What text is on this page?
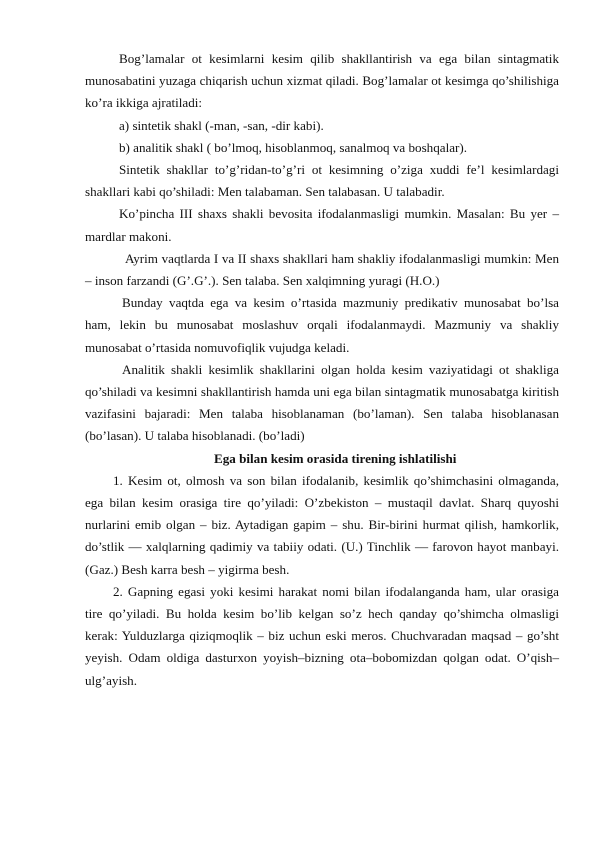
Bog’lamalar ot kesimlarni kesim qilib shakllantirish va ega bilan sintagmatik munosabatini yuzaga chiqarish uchun xizmat qiladi. Bog’lamalar ot kesimga qo’shilishiga ko’ra ikkiga ajratiladi:

a) sintetik shakl (-man, -san, -dir kabi).

b) analitik shakl ( bo’lmoq, hisoblanmoq, sanalmoq va boshqalar).

Sintetik shakllar to’g’ridan-to’g’ri ot kesimning o’ziga xuddi fe’l kesimlardagi shakllari kabi qo’shiladi: Men talabaman. Sen talabasan. U talabadir.

Ko’pincha III shaxs shakli bevosita ifodalanmasligi mumkin. Masalan: Bu yer – mardlar makoni.

Ayrim vaqtlarda I va II shaxs shakllari ham shakliy ifodalanmasligi mumkin: Men – inson farzandi (G’.G’.). Sen talaba. Sen xalqimning yuragi (H.O.)

Bunday vaqtda ega va kesim o’rtasida mazmuniy predikativ munosabat bo’lsa ham, lekin bu munosabat moslashuv orqali ifodalanmaydi. Mazmuniy va shakliy munosabat o’rtasida nomuvofiqlik vujudga keladi.

Analitik shakli kesimlik shakllarini olgan holda kesim vaziyatidagi ot shakliga qo’shiladi va kesimni shakllantirish hamda uni ega bilan sintagmatik munosabatga kiritish vazifasini bajaradi: Men talaba hisoblanaman (bo’laman). Sen talaba hisoblanasan (bo’lasan). U talaba hisoblanadi. (bo’ladi)

Ega bilan kesim orasida tirening ishlatilishi

1. Kesim ot, olmosh va son bilan ifodalanib, kesimlik qo’shimchasini olmaganda, ega bilan kesim orasiga tire qo’yiladi: O’zbekiston – mustaqil davlat. Sharq quyoshi nurlarini emib olgan – biz. Aytadigan gapim – shu. Bir-birini hurmat qilish, hamkorlik, do’stlik — xalqlarning qadimiy va tabiiy odati. (U.) Tinchlik — farovon hayot manbayi. (Gaz.) Besh karra besh – yigirma besh.

2. Gapning egasi yoki kesimi harakat nomi bilan ifodalanganda ham, ular orasiga tire qo’yiladi. Bu holda kesim bo’lib kelgan so’z hech qanday qo’shimcha olmasligi kerak: Yulduzlarga qiziqmoqlik – biz uchun eski meros. Chuchvaradan maqsad – go’sht yeyish. Odam oldiga dasturxon yoyish–bizning ota–bobomizdan qolgan odat. O’qish–ulg’ayish.
